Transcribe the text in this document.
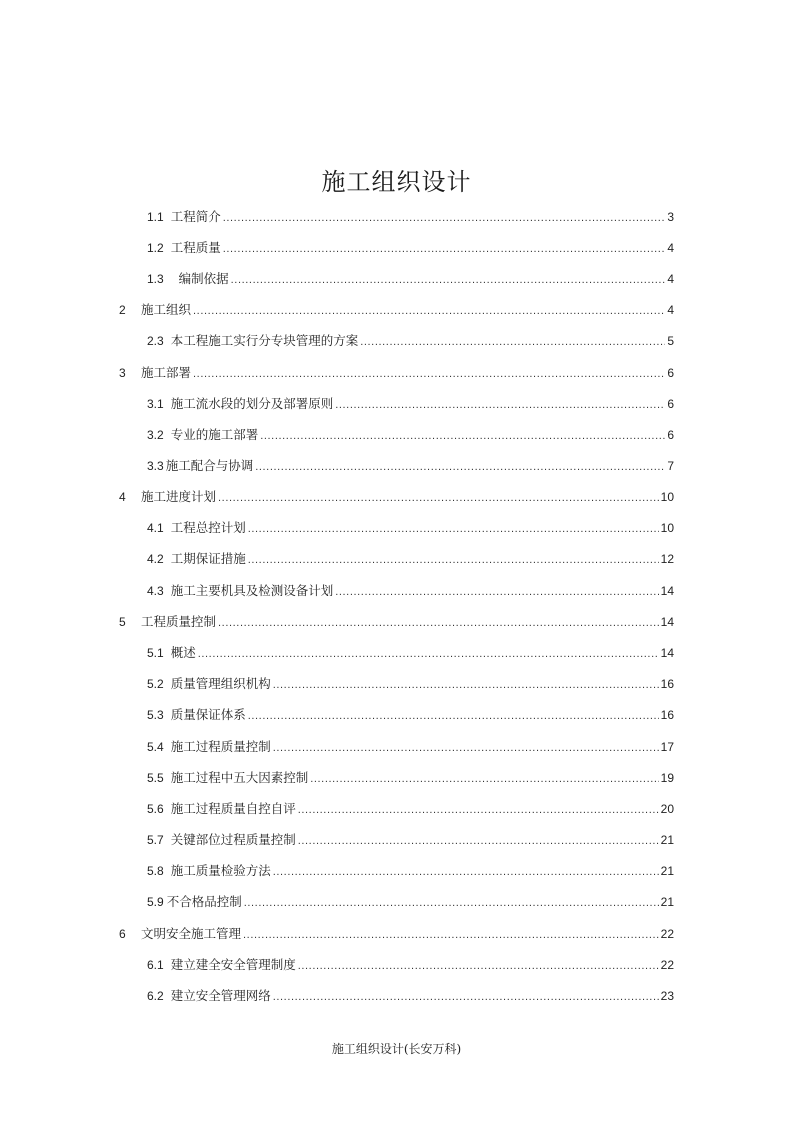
施工组织设计
1.1 工程简介 .....	3
1.2 工程质量 .....	4
1.3 编制依据 .....	4
2	施工组织 .....	4
2.3 本工程施工实行分专块管理的方案 .....	5
3	施工部署 .....	6
3.1 施工流水段的划分及部署原则 .....	6
3.2 专业的施工部署 .....	6
3.3 施工配合与协调 .....	7
4	施工进度计划 .....	10
4.1 工程总控计划 .....	10
4.2 工期保证措施 .....	12
4.3 施工主要机具及检测设备计划 .....	14
5	工程质量控制 .....	14
5.1 概述 .....	14
5.2 质量管理组织机构 .....	16
5.3 质量保证体系 .....	16
5.4 施工过程质量控制 .....	17
5.5 施工过程中五大因素控制 .....	19
5.6 施工过程质量自控自评 .....	20
5.7 关键部位过程质量控制 .....	21
5.8 施工质量检验方法 .....	21
5.9 不合格品控制 .....	21
6	文明安全施工管理 .....	22
6.1 建立建全安全管理制度 .....	22
6.2 建立安全管理网络 .....	23
施工组织设计(长安万科)
